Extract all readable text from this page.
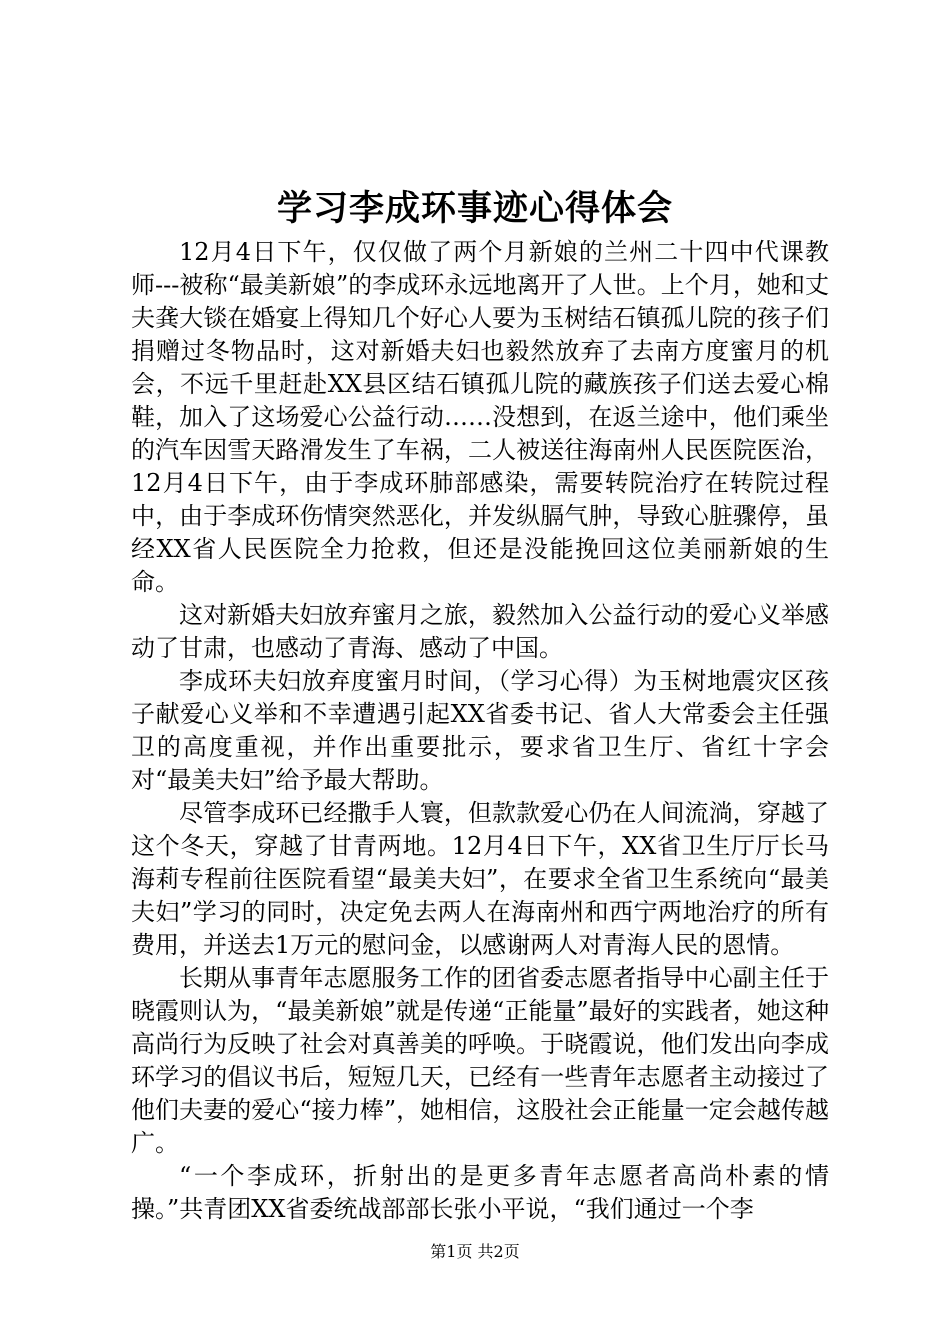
学习李成环事迹心得体会

12月4日下午，仅仅做了两个月新娘的兰州二十四中代课教师---被称“最美新娘”的李成环永远地离开了人世。上个月，她和丈夫龚大锬在婚宴上得知几个好心人要为玉树结石镇孤儿院的孩子们捐赠过冬物品时，这对新婚夫妇也毅然放弃了去南方度蜜月的机会，不远千里赶赴XX县区结石镇孤儿院的藏族孩子们送去爱心棉鞋，加入了这场爱心公益行动……没想到，在返兰途中，他们乘坐的汽车因雪天路滑发生了车祸，二人被送往海南州人民医院医治，12月4日下午，由于李成环肺部感染，需要转院治疗在转院过程中，由于李成环伤情突然恶化，并发纵膈气肿，导致心脏骤停，虽经XX省人民医院全力抢救，但还是没能挽回这位美丽新娘的生命。

这对新婚夫妇放弃蜜月之旅，毅然加入公益行动的爱心义举感动了甘肃，也感动了青海、感动了中国。

李成环夫妇放弃度蜜月时间，（学习心得）为玉树地震灾区孩子献爱心义举和不幸遭遇引起XX省委书记、省人大常委会主任强卫的高度重视，并作出重要批示，要求省卫生厅、省红十字会对“最美夫妇”给予最大帮助。

尽管李成环已经撒手人寰，但款款爱心仍在人间流淌，穿越了这个冬天，穿越了甘青两地。12月4日下午，XX省卫生厅厅长马海莉专程前往医院看望“最美夫妇”，在要求全省卫生系统向“最美夫妇”学习的同时，决定免去两人在海南州和西宁两地治疗的所有费用，并送去1万元的慰问金，以感谢两人对青海人民的恩情。

长期从事青年志愿服务工作的团省委志愿者指导中心副主任于晓霞则认为，“最美新娘”就是传递“正能量”最好的实践者，她这种高尚行为反映了社会对真善美的呼唤。于晓霞说，他们发出向李成环学习的倡议书后，短短几天，已经有一些青年志愿者主动接过了他们夫妻的爱心“接力棒”，她相信，这股社会正能量一定会越传越广。

“一个李成环，折射出的是更多青年志愿者高尚朴素的情操。”共青团XX省委统战部部长张小平说，“我们通过一个李

第1页 共2页
